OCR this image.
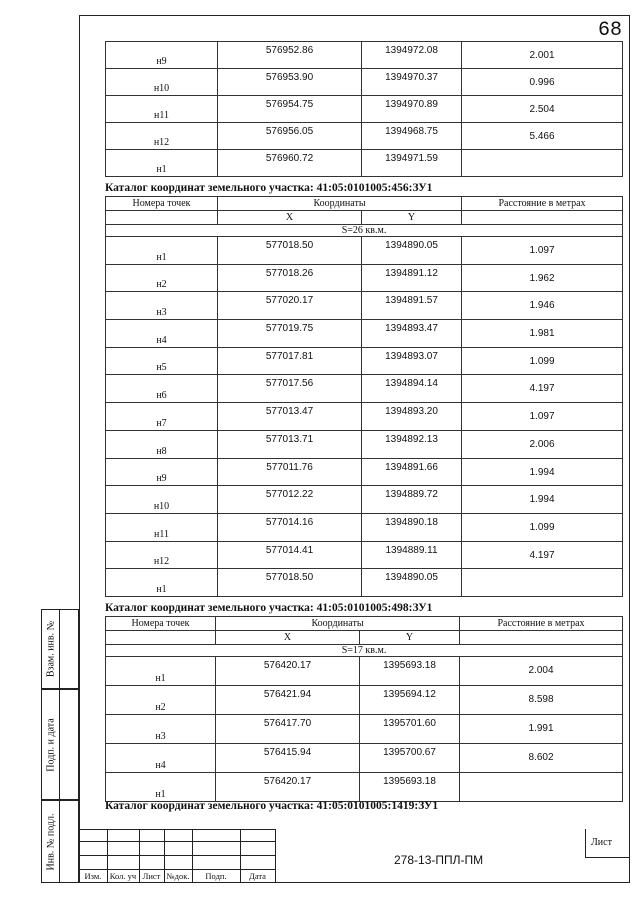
68
Взам. инв. №
Подп. и дата
Инв. № подл.
н9	576952.86	1394972.08	2.001
н10	576953.90	1394970.37	0.996
н11	576954.75	1394970.89	2.504
н12	576956.05	1394968.75	5.466
н1	576960.72	1394971.59	
Каталог координат земельного участка: 41:05:0101005:456:ЗУ1
Номера точек	Координаты		Расстояние в метрах
	X	Y	
S=26 кв.м.			
н1	577018.50	1394890.05	1.097
н2	577018.26	1394891.12	1.962
н3	577020.17	1394891.57	1.946
н4	577019.75	1394893.47	1.981
н5	577017.81	1394893.07	1.099
н6	577017.56	1394894.14	4.197
н7	577013.47	1394893.20	1.097
н8	577013.71	1394892.13	2.006
н9	577011.76	1394891.66	1.994
н10	577012.22	1394889.72	1.994
н11	577014.16	1394890.18	1.099
н12	577014.41	1394889.11	4.197
н1	577018.50	1394890.05	
Каталог координат земельного участка: 41:05:0101005:498:ЗУ1
Номера точек	Координаты		Расстояние в метрах
	X	Y	
S=17 кв.м.			
н1	576420.17	1395693.18	2.004
н2	576421.94	1395694.12	8.598
н3	576417.70	1395701.60	1.991
н4	576415.94	1395700.67	8.602
н1	576420.17	1395693.18	
Каталог координат земельного участка: 41:05:0101005:1419:ЗУ1
Изм. Кол. уч Лист №док.	Подп.	Дата
278-13-ППЛ-ПМ
Лист
